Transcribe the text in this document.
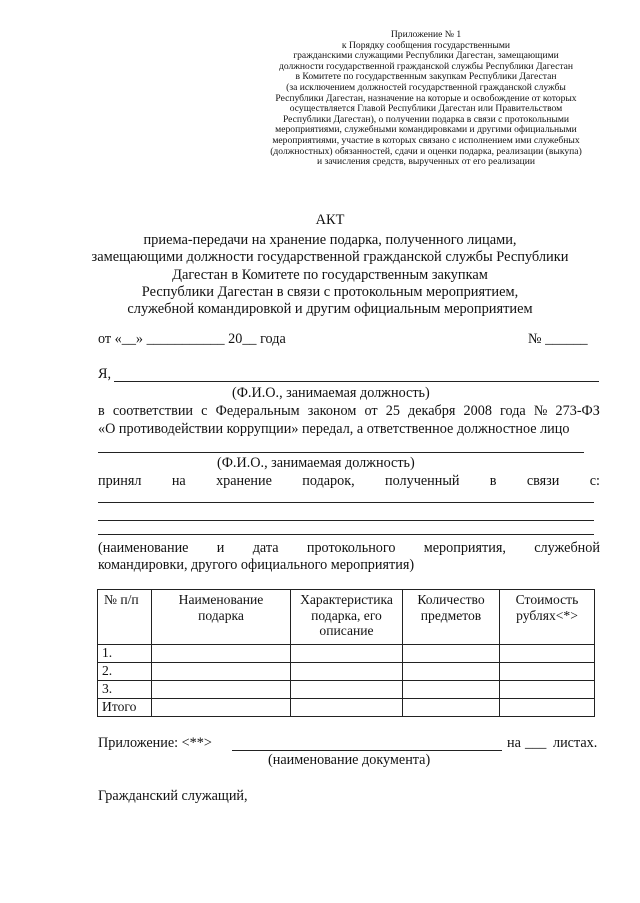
Приложение № 1
к Порядку сообщения государственными
гражданскими служащими Республики Дагестан, замещающими
должности государственной гражданской службы Республики Дагестан
в Комитете по государственным закупкам Республики Дагестан
(за исключением должностей государственной гражданской службы
Республики Дагестан, назначение на которые и освобождение от которых
осуществляется Главой Республики Дагестан или Правительством
Республики Дагестан), о получении подарка в связи с протокольными
мероприятиями, служебными командировками и другими официальными
мероприятиями, участие в которых связано с исполнением ими служебных
(должностных) обязанностей, сдачи и оценки подарка, реализации (выкупа)
и зачисления средств, вырученных от его реализации
АКТ
приема-передачи на хранение подарка, полученного лицами,
замещающими должности государственной гражданской службы Республики
Дагестан в Комитете по государственным закупкам
Республики Дагестан в связи с протокольным мероприятием,
служебной командировкой и другим официальным мероприятием
от «__» ___________ 20__ года	№ ______
Я,
(Ф.И.О., занимаемая должность)
в соответствии с Федеральным законом от 25 декабря 2008 года № 273-ФЗ
«О противодействии коррупции» передал, а ответственное должностное лицо
(Ф.И.О., занимаемая должность)
принял на хранение подарок, полученный в связи с:
(наименование и дата протокольного мероприятия, служебной
командировки, другого официального мероприятия)
№ п/п	Наименование подарка	Характеристика подарка, его описание	Количество предметов	Стоимость рублях<*>
1.				
2.				
3.				
Итого				
Приложение: <**>	на ___ листах.
(наименование документа)
Гражданский служащий,
